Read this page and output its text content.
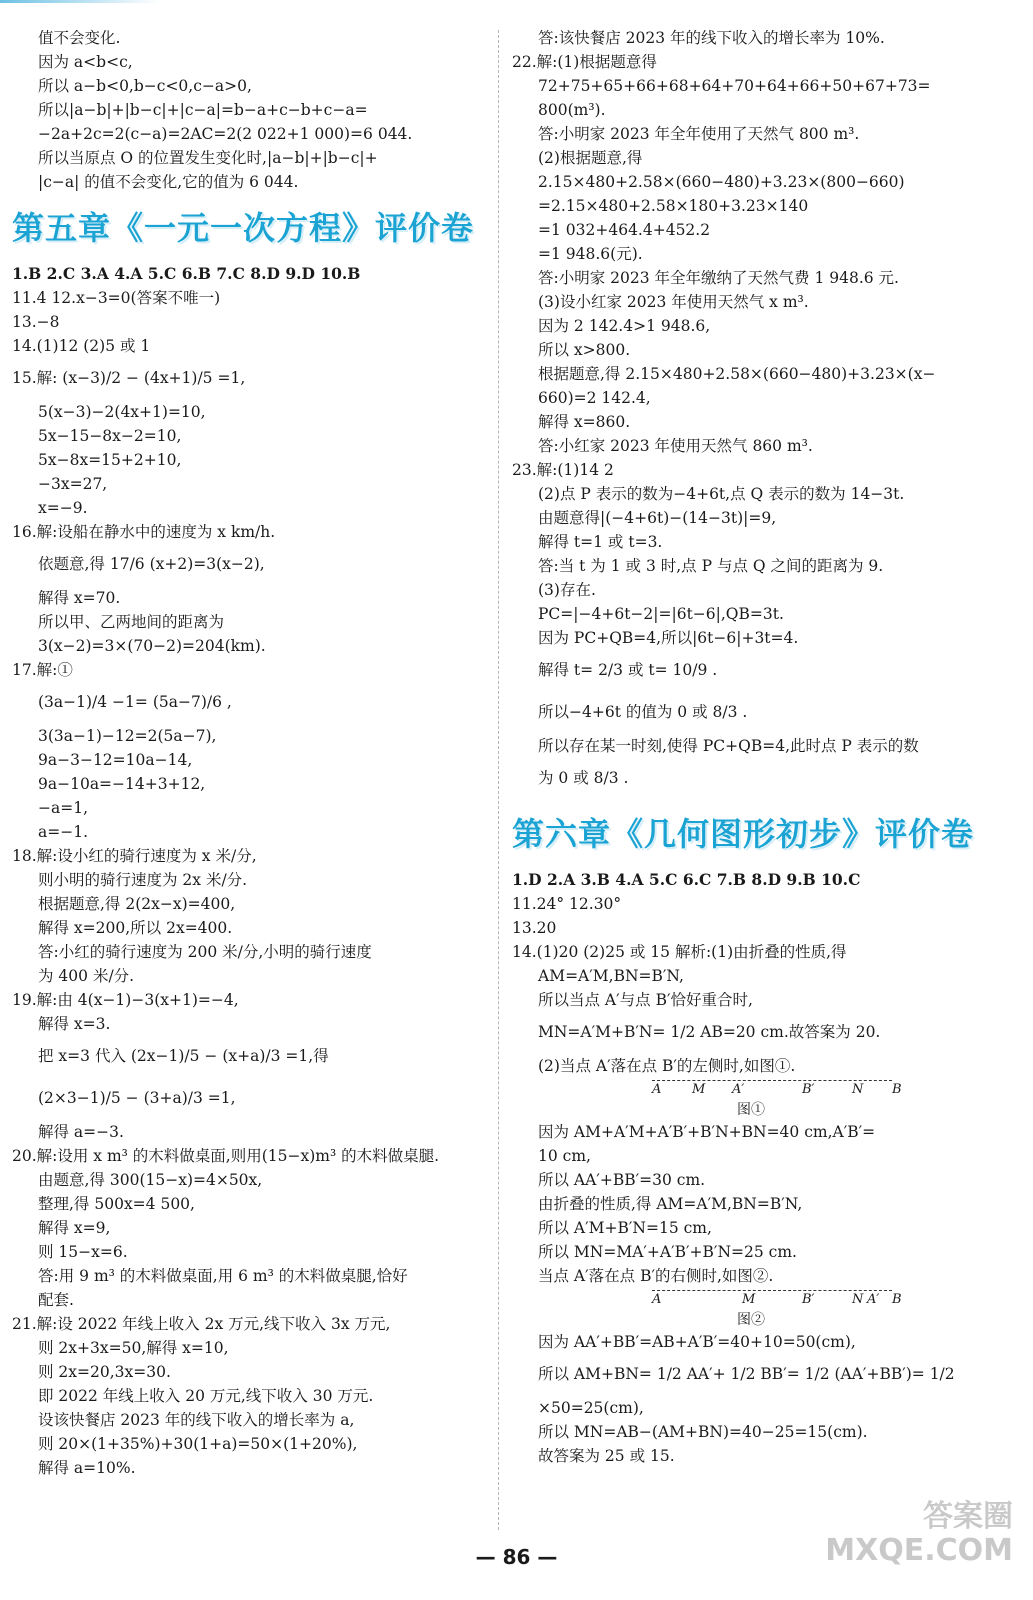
值不会变化.
因为 a<b<c,
所以 a−b<0,b−c<0,c−a>0,
所以|a−b|+|b−c|+|c−a|=b−a+c−b+c−a=
−2a+2c=2(c−a)=2AC=2(2 022+1 000)=6 044.
所以当原点 O 的位置发生变化时,|a−b|+|b−c|+
|c−a| 的值不会变化,它的值为 6 044.
第五章《一元一次方程》评价卷
1.B 2.C 3.A 4.A 5.C 6.B 7.C 8.D 9.D 10.B
11.4 12.x−3=0(答案不唯一)
13.−8
14.(1)12 (2)5 或 1
15.解: (x−3)/2 − (4x+1)/5 =1,
5(x−3)−2(4x+1)=10,
5x−15−8x−2=10,
5x−8x=15+2+10,
−3x=27,
x=−9.
16.解:设船在静水中的速度为 x km/h.
依题意,得 17/6 (x+2)=3(x−2),
解得 x=70.
所以甲、乙两地间的距离为
3(x−2)=3×(70−2)=204(km).
17.解:①
(3a−1)/4 −1= (5a−7)/6 ,
3(3a−1)−12=2(5a−7),
9a−3−12=10a−14,
9a−10a=−14+3+12,
−a=1,
a=−1.
18.解:设小红的骑行速度为 x 米/分,
则小明的骑行速度为 2x 米/分.
根据题意,得 2(2x−x)=400,
解得 x=200,所以 2x=400.
答:小红的骑行速度为 200 米/分,小明的骑行速度
为 400 米/分.
19.解:由 4(x−1)−3(x+1)=−4,
解得 x=3.
把 x=3 代入 (2x−1)/5 − (x+a)/3 =1,得
(2×3−1)/5 − (3+a)/3 =1,
解得 a=−3.
20.解:设用 x m³ 的木料做桌面,则用(15−x)m³ 的木料做桌腿.
由题意,得 300(15−x)=4×50x,
整理,得 500x=4 500,
解得 x=9,
则 15−x=6.
答:用 9 m³ 的木料做桌面,用 6 m³ 的木料做桌腿,恰好
配套.
21.解:设 2022 年线上收入 2x 万元,线下收入 3x 万元,
则 2x+3x=50,解得 x=10,
则 2x=20,3x=30.
即 2022 年线上收入 20 万元,线下收入 30 万元.
设该快餐店 2023 年的线下收入的增长率为 a,
则 20×(1+35%)+30(1+a)=50×(1+20%),
解得 a=10%.
答:该快餐店 2023 年的线下收入的增长率为 10%.
22.解:(1)根据题意得
72+75+65+66+68+64+70+64+66+50+67+73=
800(m³).
答:小明家 2023 年全年使用了天然气 800 m³.
(2)根据题意,得
2.15×480+2.58×(660−480)+3.23×(800−660)
=2.15×480+2.58×180+3.23×140
=1 032+464.4+452.2
=1 948.6(元).
答:小明家 2023 年全年缴纳了天然气费 1 948.6 元.
(3)设小红家 2023 年使用天然气 x m³.
因为 2 142.4>1 948.6,
所以 x>800.
根据题意,得 2.15×480+2.58×(660−480)+3.23×(x−
660)=2 142.4,
解得 x=860.
答:小红家 2023 年使用天然气 860 m³.
23.解:(1)14 2
(2)点 P 表示的数为−4+6t,点 Q 表示的数为 14−3t.
由题意得|(−4+6t)−(14−3t)|=9,
解得 t=1 或 t=3.
答:当 t 为 1 或 3 时,点 P 与点 Q 之间的距离为 9.
(3)存在.
PC=|−4+6t−2|=|6t−6|,QB=3t.
因为 PC+QB=4,所以|6t−6|+3t=4.
解得 t= 2/3 或 t= 10/9 .
所以−4+6t 的值为 0 或 8/3 .
所以存在某一时刻,使得 PC+QB=4,此时点 P 表示的数
为 0 或 8/3 .
第六章《几何图形初步》评价卷
1.D 2.A 3.B 4.A 5.C 6.C 7.B 8.D 9.B 10.C
11.24° 12.30°
13.20
14.(1)20 (2)25 或 15 解析:(1)由折叠的性质,得
AM=A′M,BN=B′N,
所以当点 A′与点 B′恰好重合时,
MN=A′M+B′N= 1/2 AB=20 cm.故答案为 20.
(2)当点 A′落在点 B′的左侧时,如图①.
A M A′	B′	N B
图①
因为 AM+A′M+A′B′+B′N+BN=40 cm,A′B′=
10 cm,
所以 AA′+BB′=30 cm.
由折叠的性质,得 AM=A′M,BN=B′N,
所以 A′M+B′N=15 cm,
所以 MN=MA′+A′B′+B′N=25 cm.
当点 A′落在点 B′的右侧时,如图②.
A	M	B′	N A′ B
图②
因为 AA′+BB′=AB+A′B′=40+10=50(cm),
所以 AM+BN= 1/2 AA′+ 1/2 BB′= 1/2 (AA′+BB′)= 1/2
×50=25(cm),
所以 MN=AB−(AM+BN)=40−25=15(cm).
故答案为 25 或 15.
— 86 —
答案圈
MXQE.COM
